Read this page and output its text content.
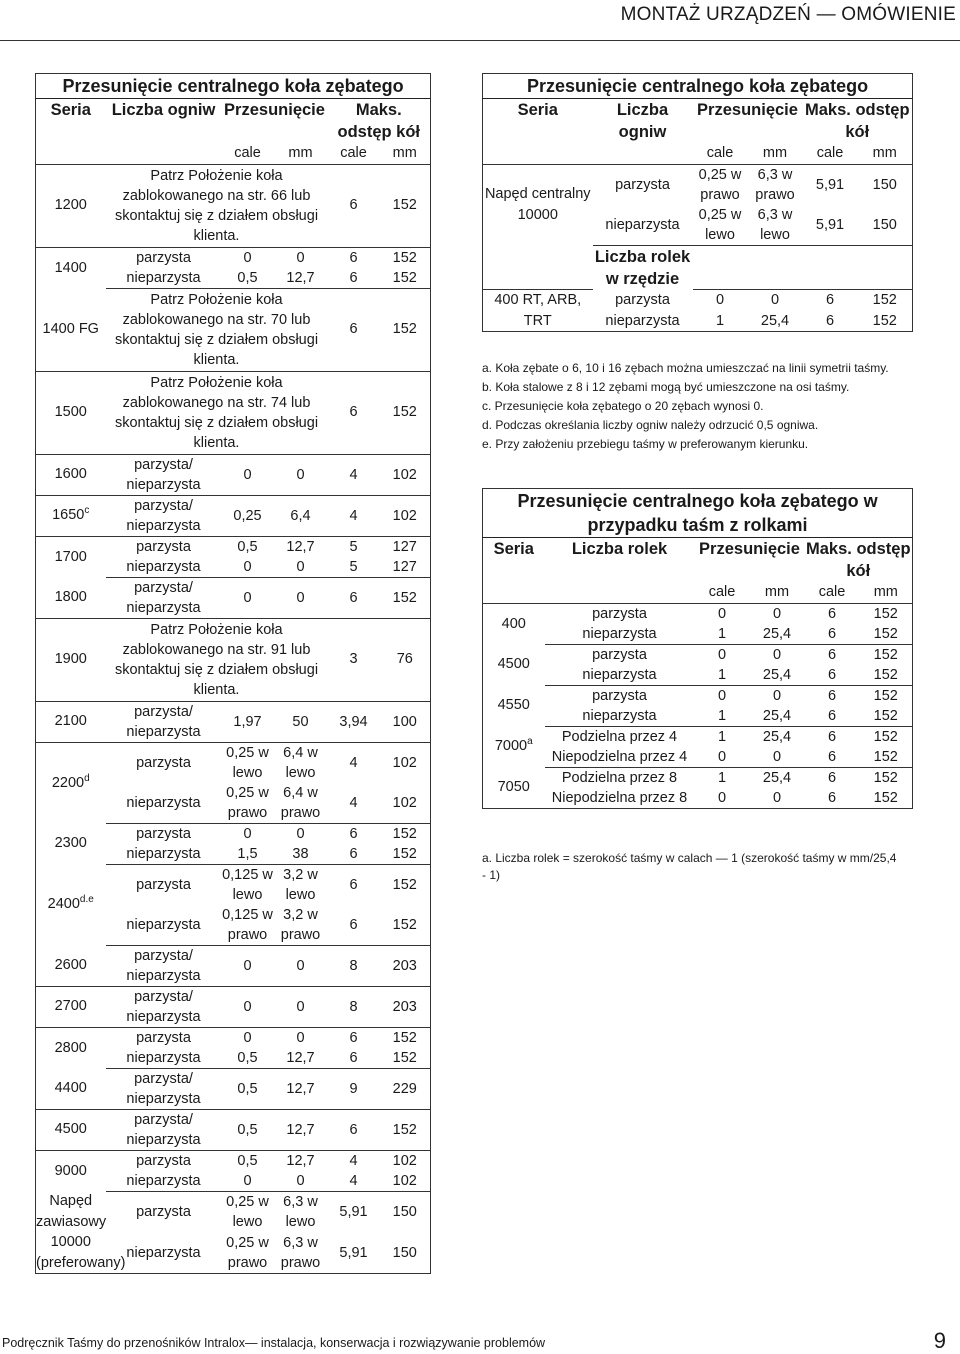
MONTAŻ URZĄDZEŃ — OMÓWIENIE
Przesunięcie centralnego koła zębatego					
Seria	Liczba ogniw	Przesunięcie		Maks. odstęp kół	

		cale	mm	cale	mm
1200	Patrz Położenie koła zablokowanego na str. 66 lub skontaktuj się z działem obsługi klienta.			6	152
1400	parzysta	0	0	6	152
	nieparzysta	0,5	12,7	6	152
1400 FG	Patrz Położenie koła zablokowanego na str. 70 lub skontaktuj się z działem obsługi klienta.			6	152
1500	Patrz Położenie koła zablokowanego na str. 74 lub skontaktuj się z działem obsługi klienta.			6	152
1600	parzysta/ nieparzysta	0	0	4	102
1650$^c$	parzysta/ nieparzysta	0,25	6,4	4	102
1700	parzysta	0,5	12,7	5	127
	nieparzysta	0	0	5	127
1800	parzysta/ nieparzysta	0	0	6	152
1900	Patrz Położenie koła zablokowanego na str. 91 lub skontaktuj się z działem obsługi klienta.			3	76
2100	parzysta/ nieparzysta	1,97	50	3,94	100
2200$^d$	parzysta	0,25 w lewo	6,4 w lewo	4	102
	nieparzysta	0,25 w prawo	6,4 w prawo	4	102
2300	parzysta	0	0	6	152
	nieparzysta	1,5	38	6	152
$2400^{d.e}$	parzysta	0,125 w lewo	3,2 w lewo	6	152
	nieparzysta	0,125 w prawo	3,2 w prawo	6	152
2600	parzysta/ nieparzysta	0	0	8	203
2700	parzysta/ nieparzysta	0	0	8	203
2800	parzysta	0	0	6	152
	nieparzysta	0,5	12,7	6	152
4400	parzysta/ nieparzysta	0,5	12,7	9	229
4500	parzysta/ nieparzysta	0,5	12,7	6	152
9000	parzysta	0,5	12,7	4	102
	nieparzysta	0	0	4	102
Napęd zawiasowy 10000 (preferowany)	parzysta	0,25 w lewo	6,3 w lewo	5,91	150
	nieparzysta	0,25 w prawo	6,3 w prawo	5,91	150
Przesunięcie centralnego koła zębatego					
Seria	Liczba ogniw	Przesunięcie		Maks. odstęp kół	

		cale	mm	cale	mm
Napęd centralny 10000	parzysta	0,25 w prawo	6,3 w prawo	5,91	150
	nieparzysta	0,25 w lewo	6,3 w lewo	5,91	150
	Liczba rolek w rzędzie				
400 RT, ARB, TRT	parzysta	0	0	6	152
	nieparzysta	1	25,4	6	152
a. Koła zębate o 6, 10 i 16 zębach można umieszczać na linii symetrii taśmy.
b. Koła stalowe z 8 i 12 zębami mogą być umieszczone na osi taśmy.
c. Przesunięcie koła zębatego o 20 zębach wynosi 0.
d. Podczas określania liczby ogniw należy odrzucić 0,5 ogniwa.
e. Przy założeniu przebiegu taśmy w preferowanym kierunku.
Przesunięcie centralnego koła zębatego w przypadku taśm z rolkami					
Seria	Liczba rolek	Przesunięcie		Maks. odstęp kół	

		cale	mm	cale	mm
400	parzysta	0	0	6	152
	nieparzysta	1	25,4	6	152
4500	parzysta	0	0	6	152
	nieparzysta	1	25,4	6	152
4550	parzysta	0	0	6	152
	nieparzysta	1	25,4	6	152
7000$^a$	Podzielna przez 4	1	25,4	6	152
	Niepodzielna przez 4	0	0	6	152
7050	Podzielna przez 8	1	25,4	6	152
	Niepodzielna przez 8	0	0	6	152
a. Liczba rolek = szerokość taśmy w calach — 1 (szerokość taśmy w mm/25,4 - 1)
Podręcznik Taśmy do przenośników Intralox— instalacja, konserwacja i rozwiązywanie problemów	9
